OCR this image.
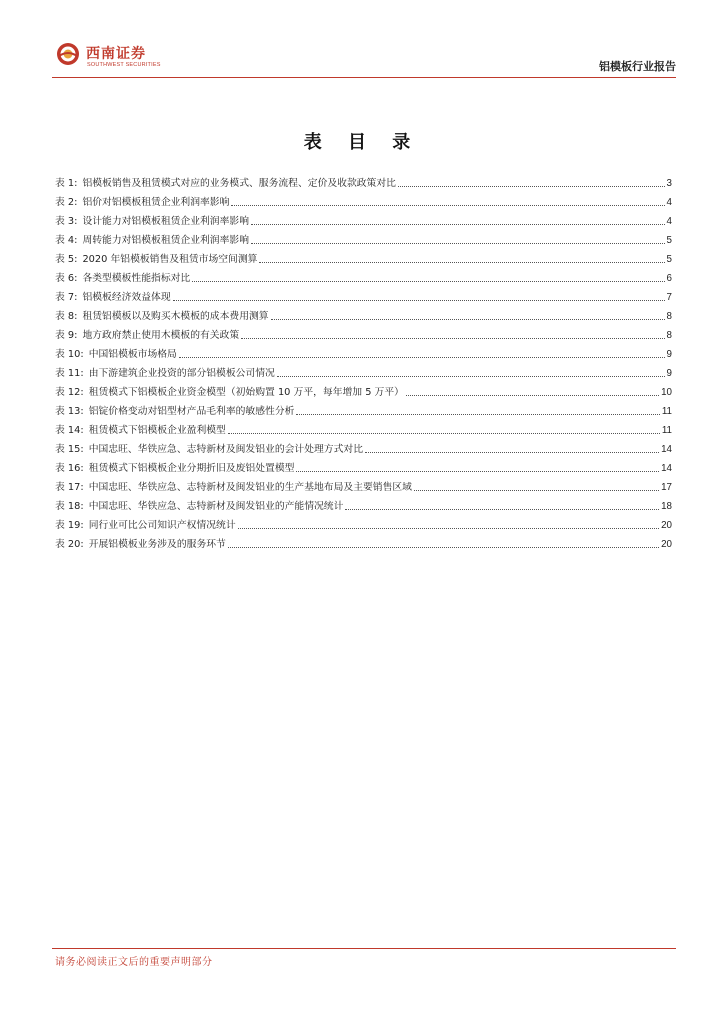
西南证券
SOUTHWEST SECURITIES	铝模板行业报告
表 目 录
表 1: 铝模板销售及租赁模式对应的业务模式、服务流程、定价及收款政策对比	3
表 2: 铝价对铝模板租赁企业利润率影响	4
表 3: 设计能力对铝模板租赁企业利润率影响	4
表 4: 周转能力对铝模板租赁企业利润率影响	5
表 5: 2020 年铝模板销售及租赁市场空间测算	5
表 6: 各类型模板性能指标对比	6
表 7: 铝模板经济效益体现	7
表 8: 租赁铝模板以及购买木模板的成本费用测算	8
表 9: 地方政府禁止使用木模板的有关政策	8
表 10: 中国铝模板市场格局	9
表 11: 由下游建筑企业投资的部分铝模板公司情况	9
表 12: 租赁模式下铝模板企业资金模型（初始购置 10 万平，每年增加 5 万平）	10
表 13: 铝锭价格变动对铝型材产品毛利率的敏感性分析	11
表 14: 租赁模式下铝模板企业盈利模型	11
表 15: 中国忠旺、华铁应急、志特新材及闽发铝业的会计处理方式对比	14
表 16: 租赁模式下铝模板企业分期折旧及废铝处置模型	14
表 17: 中国忠旺、华铁应急、志特新材及闽发铝业的生产基地布局及主要销售区域	17
表 18: 中国忠旺、华铁应急、志特新材及闽发铝业的产能情况统计	18
表 19: 同行业可比公司知识产权情况统计	20
表 20: 开展铝模板业务涉及的服务环节	20
请务必阅读正文后的重要声明部分
